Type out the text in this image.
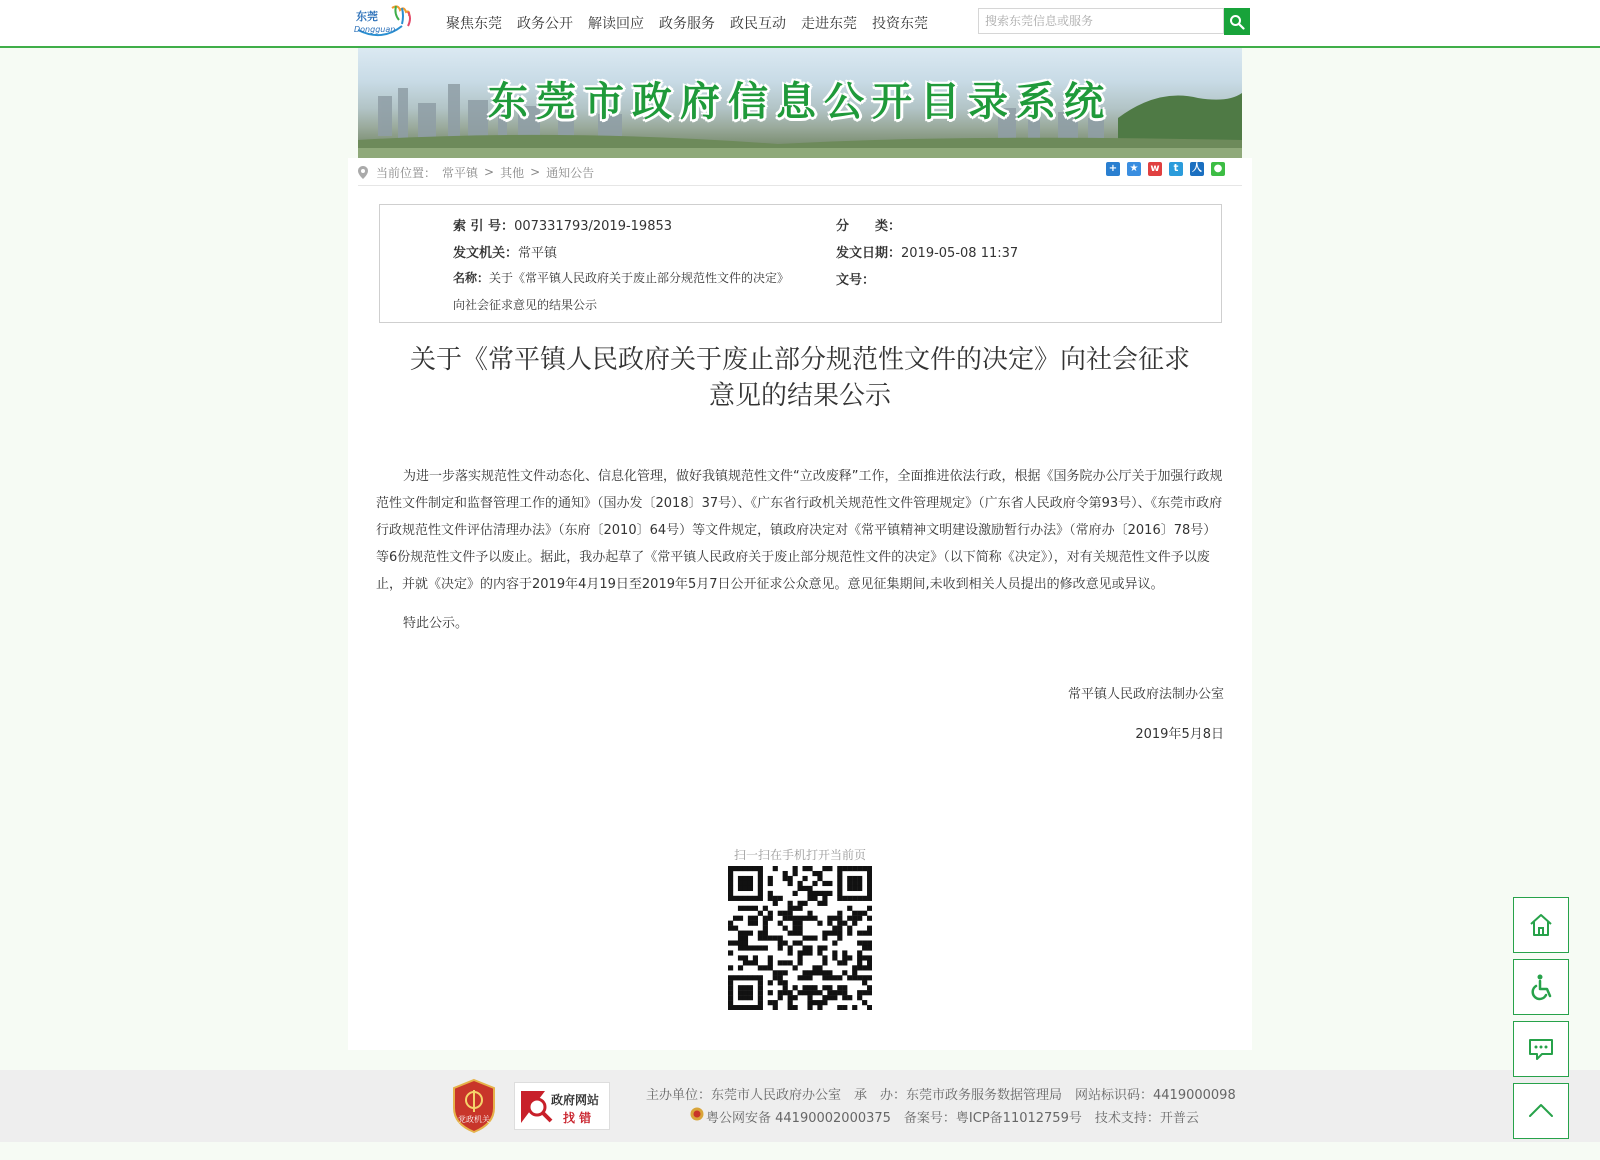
东莞
Dongguan	聚焦东莞 政务公开 解读回应 政务服务 政民互动 走进东莞 投资东莞
搜索东莞信息或服务
东莞市政府信息公开目录系统
当前位置： 常平镇 > 其他 > 通知公告	+ ★ w	t	人 ●
索 引 号：007331793/2019-19853	分　　类：
发文机关：常平镇	发文日期：2019-05-08 11:37
名称：关于《常平镇人民政府关于废止部分规范性文件的决定》
向社会征求意见的结果公示
文号：
关于《常平镇人民政府关于废止部分规范性文件的决定》向社会征求
意见的结果公示

为进一步落实规范性文件动态化、信息化管理，做好我镇规范性文件“立改废释”工作，全面推进依法行政，根据《国务院办公厅关于加强行政规范性文件制定和监督管理工作的通知》（国办发〔2018〕37号）、《广东省行政机关规范性文件管理规定》（广东省人民政府令第93号）、《东莞市政府行政规范性文件评估清理办法》（东府〔2010〕64号）等文件规定，镇政府决定对《常平镇精神文明建设激励暂行办法》（常府办〔2016〕78号）等6份规范性文件予以废止。据此，我办起草了《常平镇人民政府关于废止部分规范性文件的决定》（以下简称《决定》），对有关规范性文件予以废止，并就《决定》的内容于2019年4月19日至2019年5月7日公开征求公众意见。意见征集期间,未收到相关人员提出的修改意见或异议。

特此公示。

常平镇人民政府法制办公室
2019年5月8日
扫一扫在手机打开当前页
党政机关
政府网站
找 错
主办单位：东莞市人民政府办公室　承　办：东莞市政务服务数据管理局　网站标识码：4419000098
粤公网安备 44190002000375　备案号：粤ICP备11012759号　技术支持：开普云
